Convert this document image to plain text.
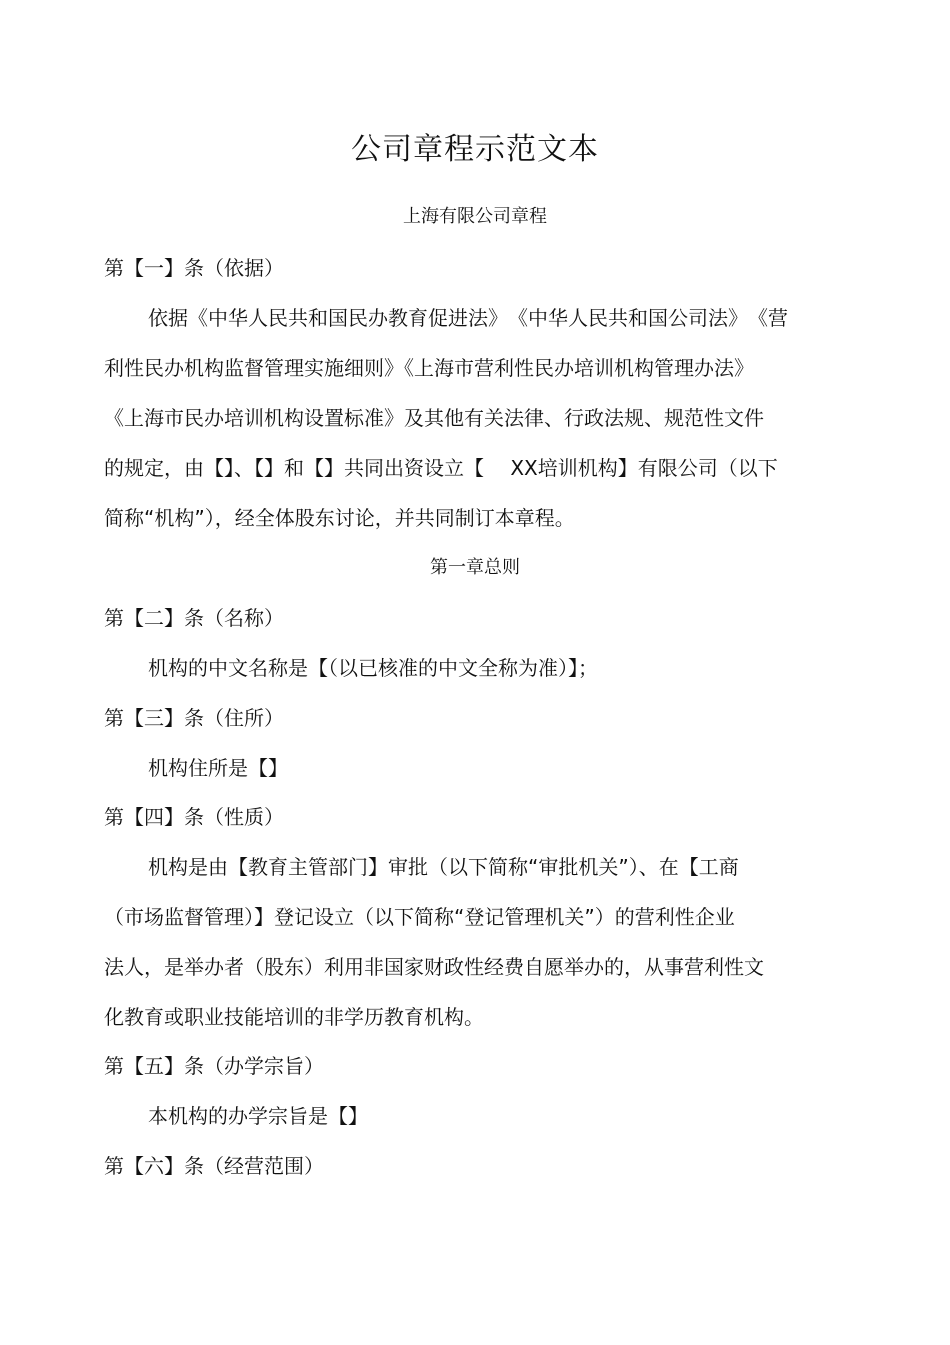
公司章程示范文本
上海有限公司章程
第【一】条（依据）
依据《中华人民共和国民办教育促进法》　《中华人民共和国公司法》　《营
利性民办机构监督管理实施细则》《上海市营利性民办培训机构管理办法》
《上海市民办培训机构设置标准》及其他有关法律、行政法规、规范性文件
的规定，由【】、【】和【】共同出资设立【　 XX培训机构】有限公司（以下
简称“机构”），经全体股东讨论，并共同制订本章程。
第一章总则
第【二】条（名称）
机构的中文名称是【（以已核准的中文全称为准）】；
第【三】条（住所）
机构住所是【】
第【四】条（性质）
机构是由【教育主管部门】审批（以下简称“审批机关”）、在【工商
（市场监督管理）】登记设立（以下简称“登记管理机关”）的营利性企业
法人，是举办者（股东）利用非国家财政性经费自愿举办的，从事营利性文
化教育或职业技能培训的非学历教育机构。
第【五】条（办学宗旨）
本机构的办学宗旨是【】
第【六】条（经营范围）
